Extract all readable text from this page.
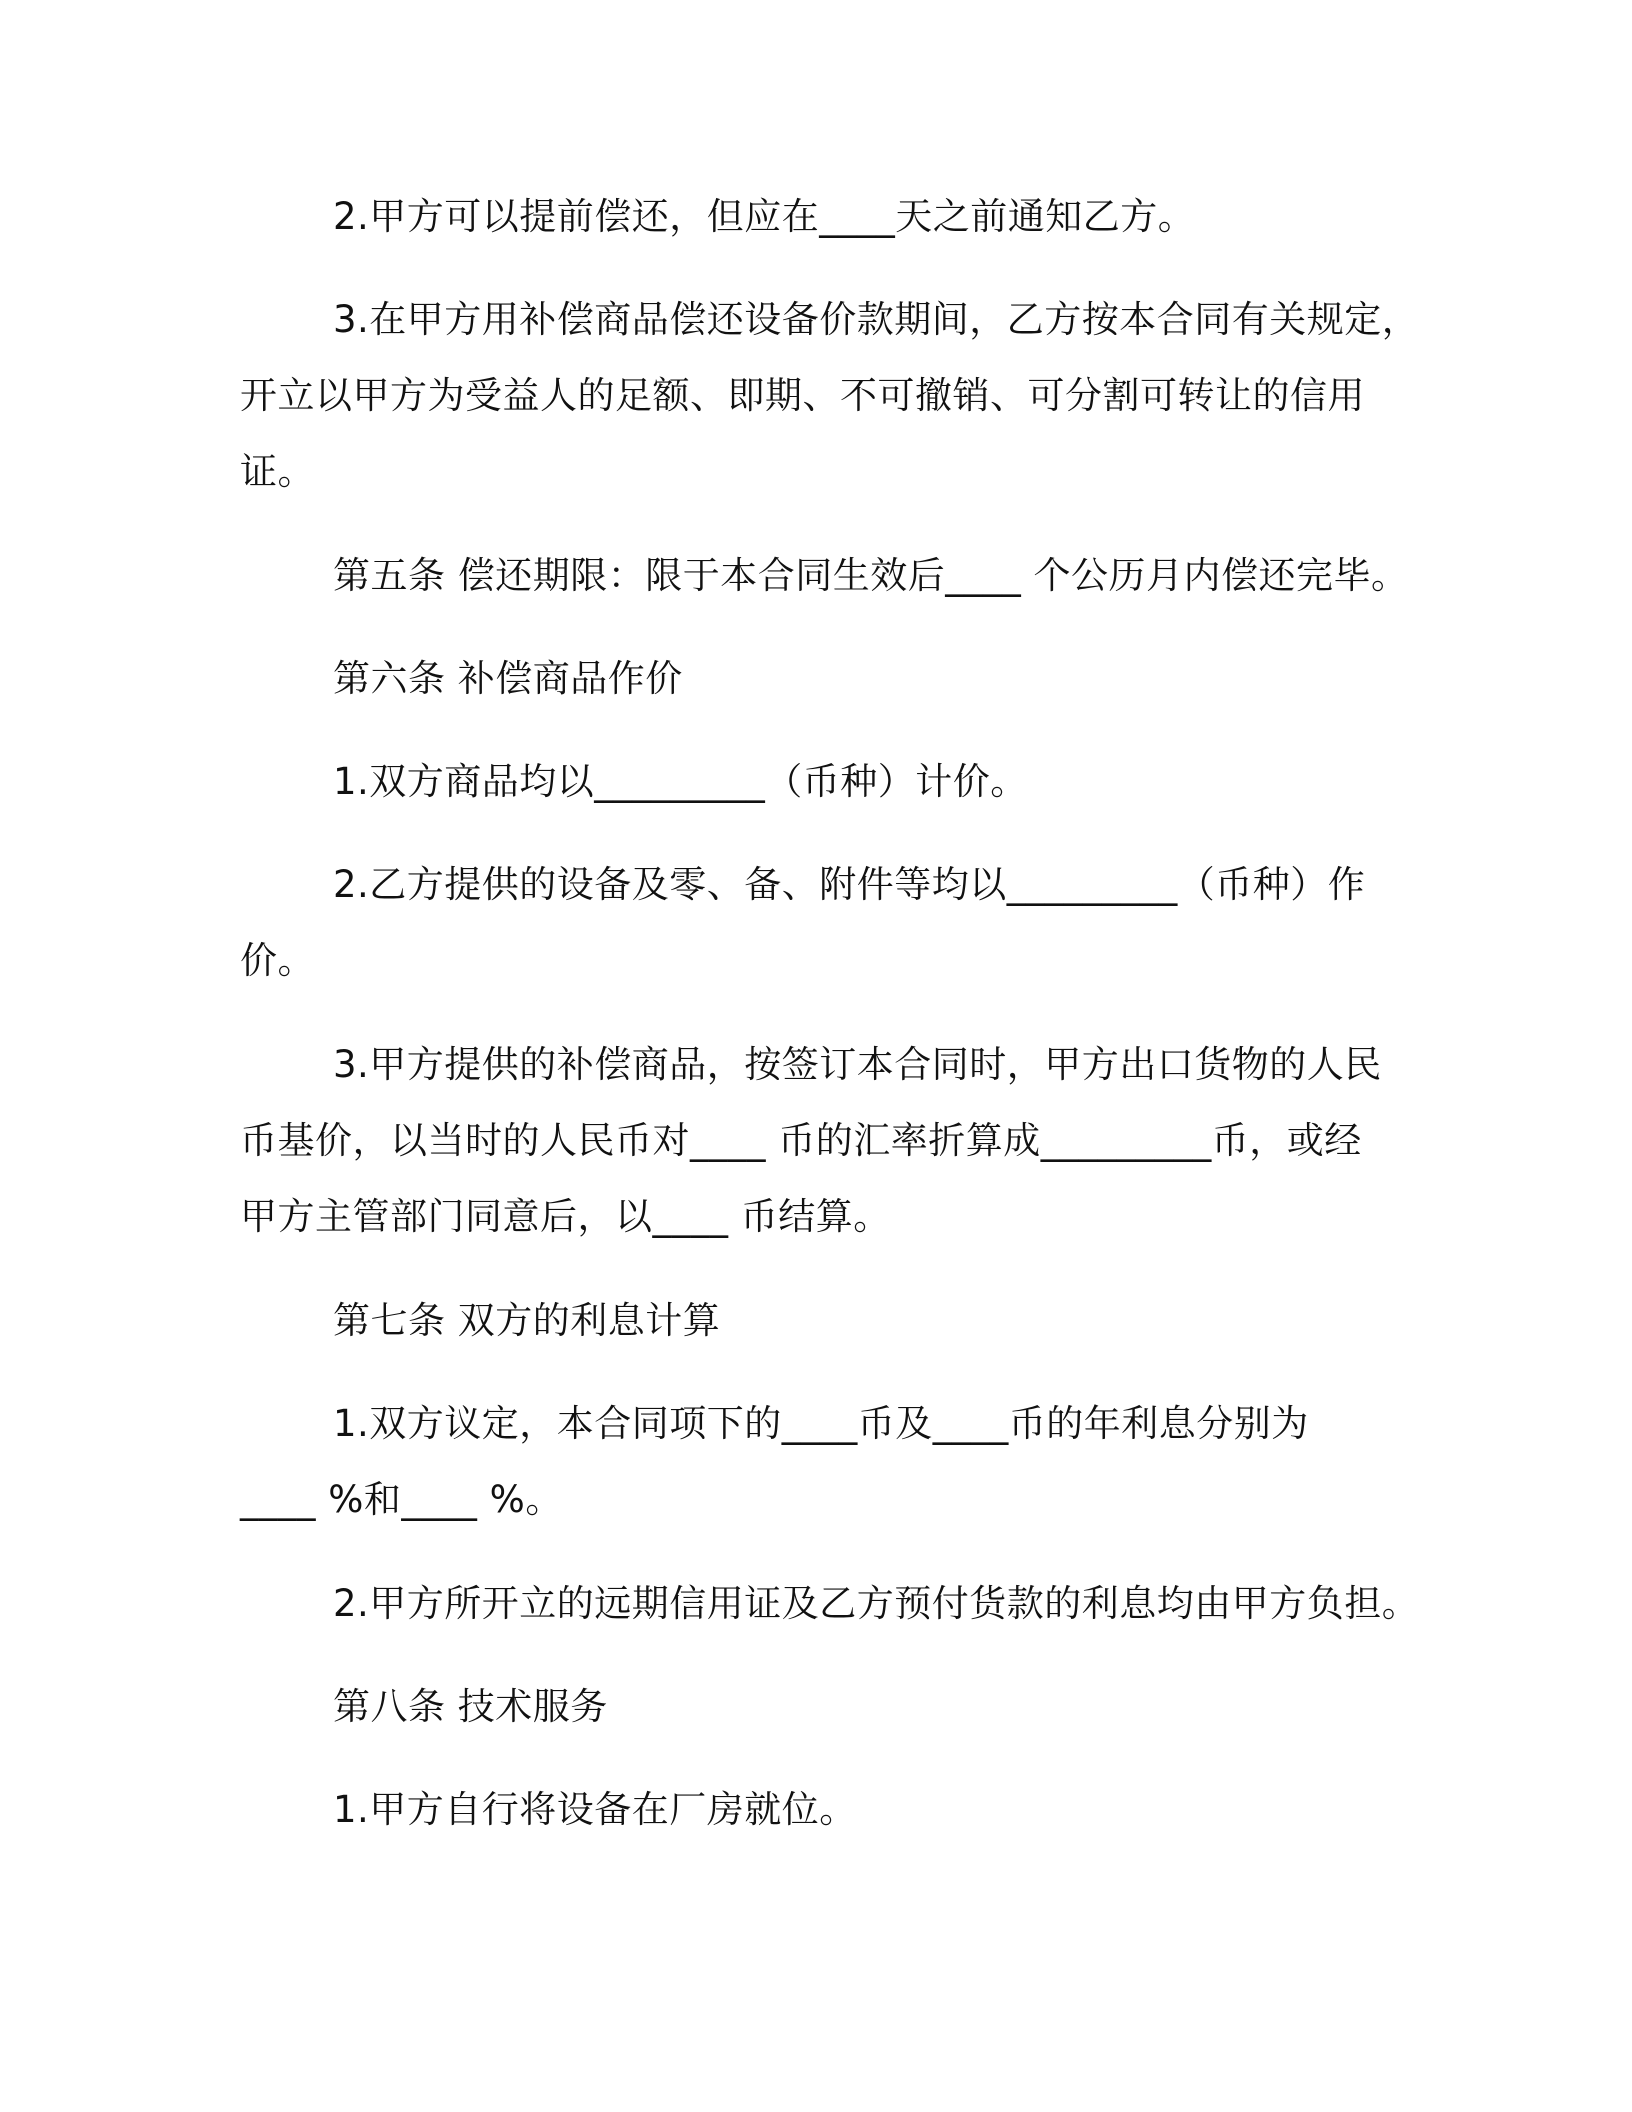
2.甲方可以提前偿还，但应在____天之前通知乙方。

3.在甲方用补偿商品偿还设备价款期间，乙方按本合同有关规定，

开立以甲方为受益人的足额、即期、不可撤销、可分割可转让的信用

证。

第五条 偿还期限：限于本合同生效后____ 个公历月内偿还完毕。

第六条 补偿商品作价

1.双方商品均以_________（币种）计价。

2.乙方提供的设备及零、备、附件等均以_________（币种）作

价。

3.甲方提供的补偿商品，按签订本合同时，甲方出口货物的人民

币基价，以当时的人民币对____ 币的汇率折算成_________币，或经

甲方主管部门同意后，以____ 币结算。

第七条 双方的利息计算

1.双方议定，本合同项下的____币及____币的年利息分别为

____ %和____ %。

2.甲方所开立的远期信用证及乙方预付货款的利息均由甲方负担。

第八条 技术服务

1.甲方自行将设备在厂房就位。
